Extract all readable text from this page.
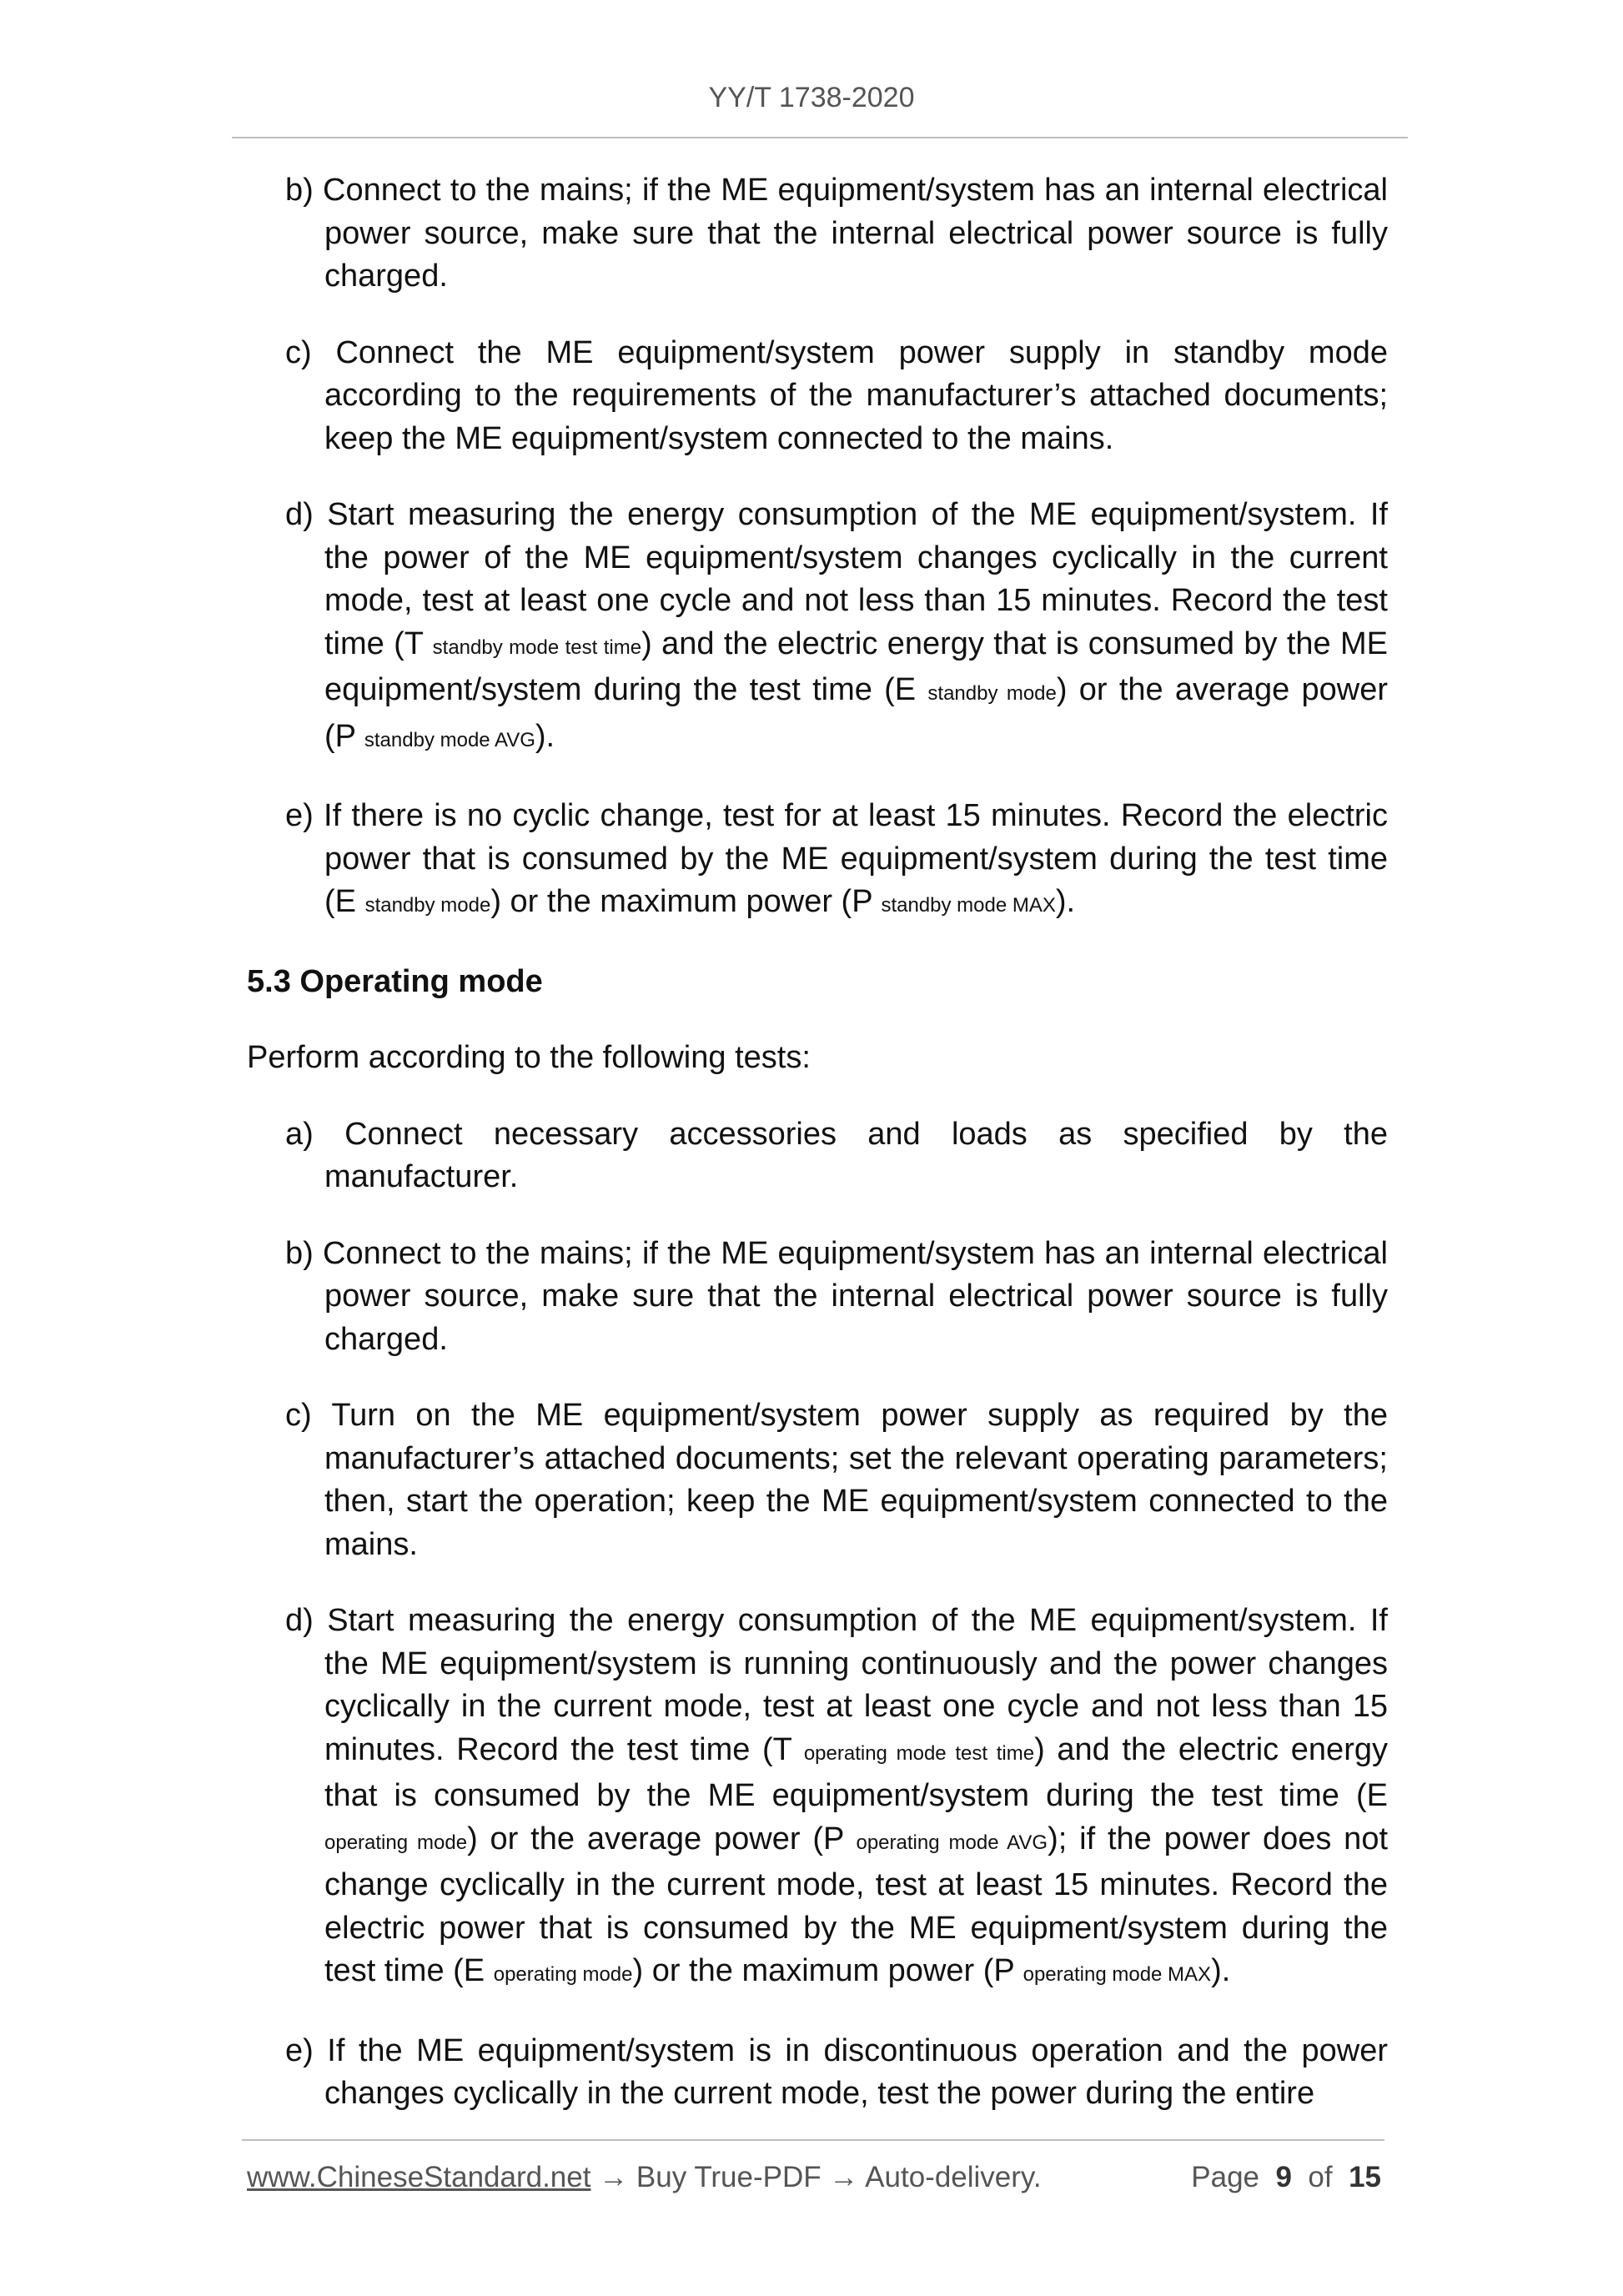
YY/T 1738-2020

b) Connect to the mains; if the ME equipment/system has an internal electrical power source, make sure that the internal electrical power source is fully charged.

c) Connect the ME equipment/system power supply in standby mode according to the requirements of the manufacturer’s attached documents; keep the ME equipment/system connected to the mains.

d) Start measuring the energy consumption of the ME equipment/system. If the power of the ME equipment/system changes cyclically in the current mode, test at least one cycle and not less than 15 minutes. Record the test time (T standby mode test time) and the electric energy that is consumed by the ME equipment/system during the test time (E standby mode) or the average power (P standby mode AVG).

e) If there is no cyclic change, test for at least 15 minutes. Record the electric power that is consumed by the ME equipment/system during the test time (E standby mode) or the maximum power (P standby mode MAX).

5.3 Operating mode
Perform according to the following tests:

a) Connect necessary accessories and loads as specified by the manufacturer.

b) Connect to the mains; if the ME equipment/system has an internal electrical power source, make sure that the internal electrical power source is fully charged.

c) Turn on the ME equipment/system power supply as required by the manufacturer’s attached documents; set the relevant operating parameters; then, start the operation; keep the ME equipment/system connected to the mains.

d) Start measuring the energy consumption of the ME equipment/system. If the ME equipment/system is running continuously and the power changes cyclically in the current mode, test at least one cycle and not less than 15 minutes. Record the test time (T operating mode test time) and the electric energy that is consumed by the ME equipment/system during the test time (E operating mode) or the average power (P operating mode AVG); if the power does not change cyclically in the current mode, test at least 15 minutes. Record the electric power that is consumed by the ME equipment/system during the test time (E operating mode) or the maximum power (P operating mode MAX).

e) If the ME equipment/system is in discontinuous operation and the power changes cyclically in the current mode, test the power during the entire

www.ChineseStandard.net → Buy True-PDF → Auto-delivery.	Page 9 of 15
